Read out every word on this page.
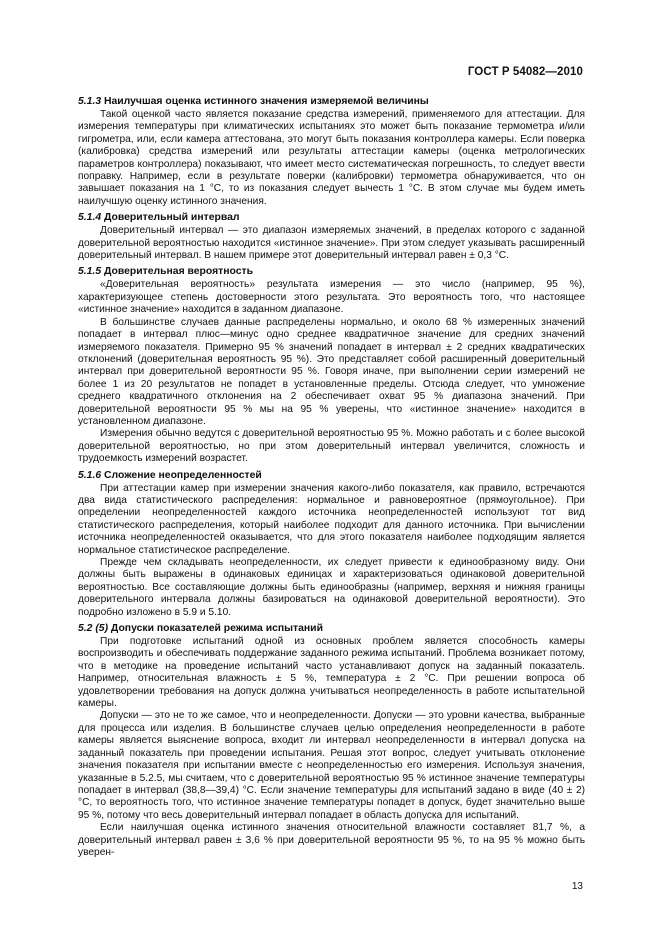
ГОСТ Р 54082—2010
5.1.3 Наилучшая оценка истинного значения измеряемой величины

Такой оценкой часто является показание средства измерений, применяемого для аттестации. Для измерения температуры при климатических испытаниях это может быть показание термометра и/или гигрометра, или, если камера аттестована, это могут быть показания контроллера камеры. Если поверка (калибровка) средства измерений или результаты аттестации камеры (оценка метрологических параметров контроллера) показывают, что имеет место систематическая погрешность, то следует ввести поправку. Например, если в результате поверки (калибровки) термометра обнаруживается, что он завышает показания на 1 °C, то из показания следует вычесть 1 °C. В этом случае мы будем иметь наилучшую оценку истинного значения.

5.1.4 Доверительный интервал

Доверительный интервал — это диапазон измеряемых значений, в пределах которого с заданной доверительной вероятностью находится «истинное значение». При этом следует указывать расширенный доверительный интервал. В нашем примере этот доверительный интервал равен ± 0,3 °C.

5.1.5 Доверительная вероятность

«Доверительная вероятность» результата измерения — это число (например, 95 %), характеризующее степень достоверности этого результата. Это вероятность того, что настоящее «истинное значение» находится в заданном диапазоне.

В большинстве случаев данные распределены нормально, и около 68 % измеренных значений попадает в интервал плюс—минус одно среднее квадратичное значение для средних значений измеряемого показателя. Примерно 95 % значений попадает в интервал ± 2 средних квадратических отклонений (доверительная вероятность 95 %). Это представляет собой расширенный доверительный интервал при доверительной вероятности 95 %. Говоря иначе, при выполнении серии измерений не более 1 из 20 результатов не попадет в установленные пределы. Отсюда следует, что умножение среднего квадратичного отклонения на 2 обеспечивает охват 95 % диапазона значений. При доверительной вероятности 95 % мы на 95 % уверены, что «истинное значение» находится в установленном диапазоне.

Измерения обычно ведутся с доверительной вероятностью 95 %. Можно работать и с более высокой доверительной вероятностью, но при этом доверительный интервал увеличится, сложность и трудоемкость измерений возрастет.

5.1.6 Сложение неопределенностей

При аттестации камер при измерении значения какого-либо показателя, как правило, встречаются два вида статистического распределения: нормальное и равновероятное (прямоугольное). При определении неопределенностей каждого источника неопределенностей используют тот вид статистического распределения, который наиболее подходит для данного источника. При вычислении источника неопределенностей оказывается, что для этого показателя наиболее подходящим является нормальное статистическое распределение.

Прежде чем складывать неопределенности, их следует привести к единообразному виду. Они должны быть выражены в одинаковых единицах и характеризоваться одинаковой доверительной вероятностью. Все составляющие должны быть единообразны (например, верхняя и нижняя границы доверительного интервала должны базироваться на одинаковой доверительной вероятности). Это подробно изложено в 5.9 и 5.10.

5.2 (5) Допуски показателей режима испытаний

При подготовке испытаний одной из основных проблем является способность камеры воспроизводить и обеспечивать поддержание заданного режима испытаний. Проблема возникает потому, что в методике на проведение испытаний часто устанавливают допуск на заданный показатель. Например, относительная влажность ± 5 %, температура ± 2 °C. При решении вопроса об удовлетворении требования на допуск должна учитываться неопределенность в работе испытательной камеры.

Допуски — это не то же самое, что и неопределенности. Допуски — это уровни качества, выбранные для процесса или изделия. В большинстве случаев целью определения неопределенности в работе камеры является выяснение вопроса, входит ли интервал неопределенности в интервал допуска на заданный показатель при проведении испытания. Решая этот вопрос, следует учитывать отклонение значения показателя при испытании вместе с неопределенностью его измерения. Используя значения, указанные в 5.2.5, мы считаем, что с доверительной вероятностью 95 % истинное значение температуры попадает в интервал (38,8—39,4) °C. Если значение температуры для испытаний задано в виде (40 ± 2) °C, то вероятность того, что истинное значение температуры попадет в допуск, будет значительно выше 95 %, потому что весь доверительный интервал попадает в область допуска для испытаний.

Если наилучшая оценка истинного значения относительной влажности составляет 81,7 %, а доверительный интервал равен ± 3,6 % при доверительной вероятности 95 %, то на 95 % можно быть уверен-

13
